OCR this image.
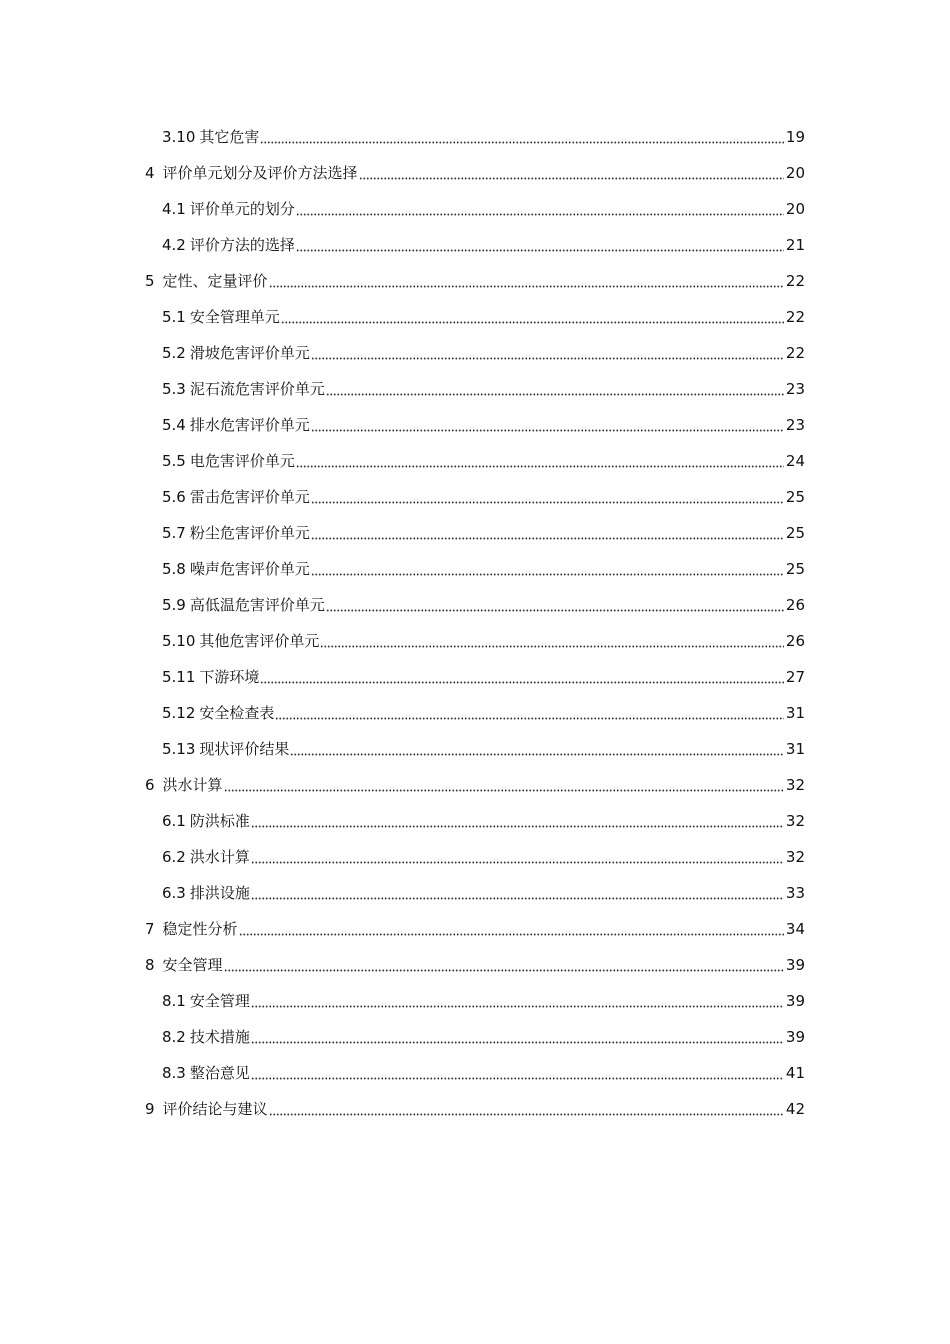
3.10 其它危害	19
4 评价单元划分及评价方法选择	20
4.1 评价单元的划分	20
4.2 评价方法的选择	21
5 定性、定量评价	22
5.1 安全管理单元	22
5.2 滑坡危害评价单元	22
5.3 泥石流危害评价单元	23
5.4 排水危害评价单元	23
5.5 电危害评价单元	24
5.6 雷击危害评价单元	25
5.7 粉尘危害评价单元	25
5.8 噪声危害评价单元	25
5.9 高低温危害评价单元	26
5.10 其他危害评价单元	26
5.11 下游环境	27
5.12 安全检查表	31
5.13 现状评价结果	31
6 洪水计算	32
6.1 防洪标准	32
6.2 洪水计算	32
6.3 排洪设施	33
7 稳定性分析	34
8 安全管理	39
8.1 安全管理	39
8.2 技术措施	39
8.3 整治意见	41
9 评价结论与建议	42
